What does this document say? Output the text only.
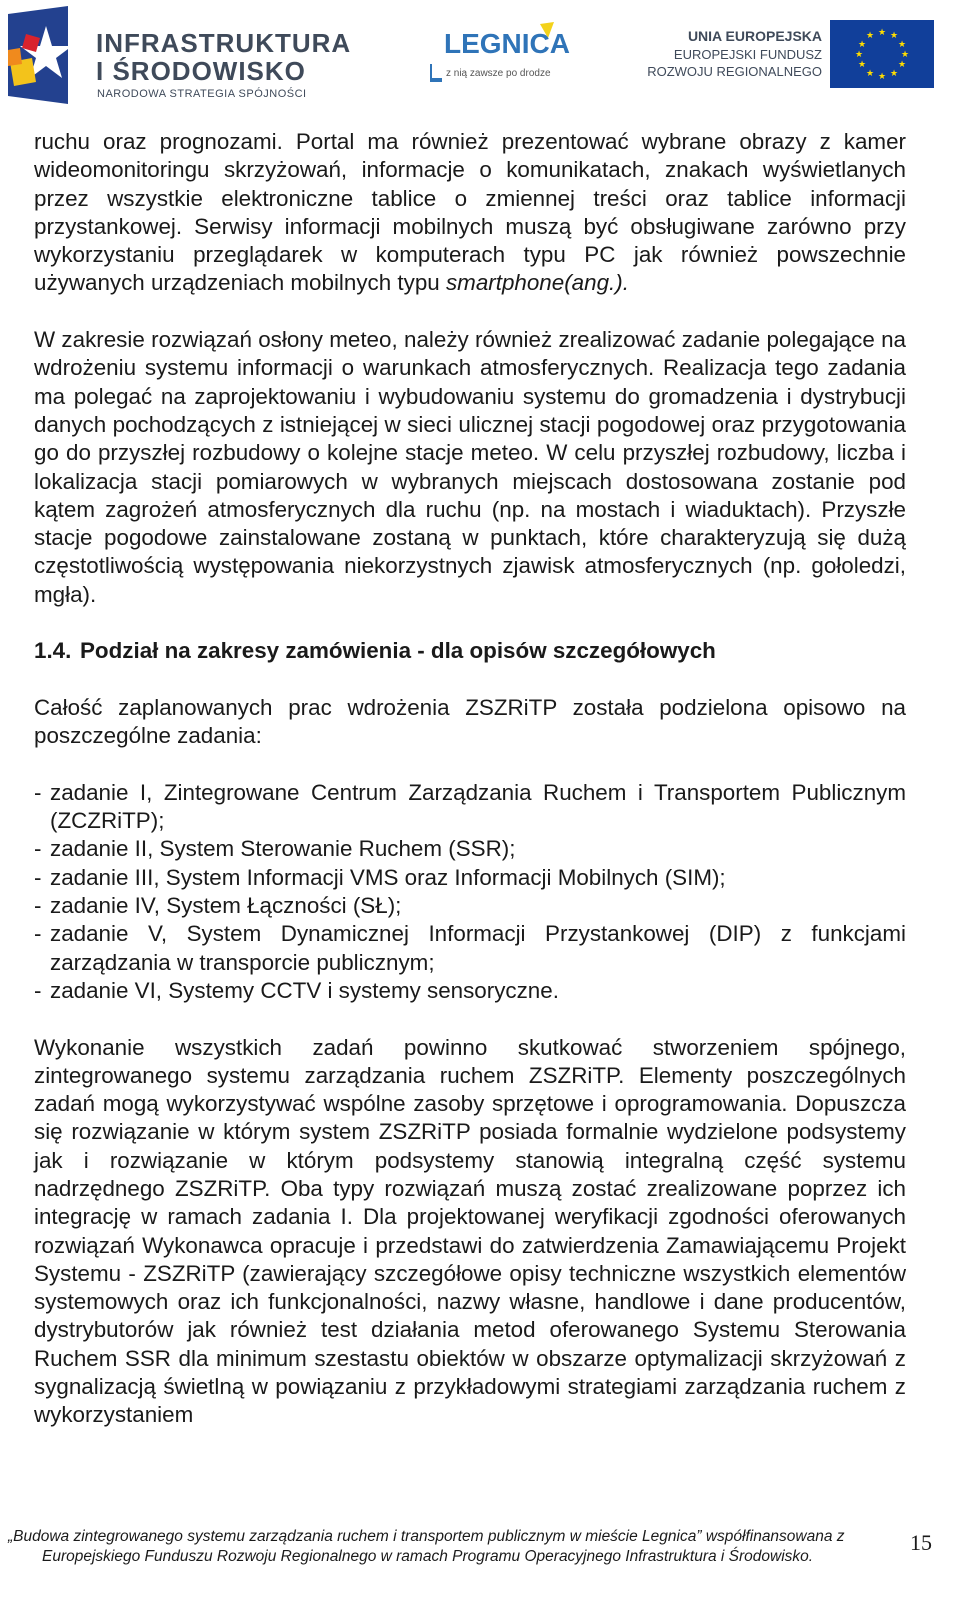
INFRASTRUKTURA
I ŚRODOWISKO
NARODOWA STRATEGIA SPÓJNOŚCI
LEGNICA
z nią zawsze po drodze
UNIA EUROPEJSKA
EUROPEJSKI FUNDUSZ
ROZWOJU REGIONALNEGO
★ ★
★
★
★
★
★
★
★
★
★
★

ruchu oraz prognozami. Portal ma również prezentować wybrane obrazy z kamer wideomonitoringu skrzyżowań, informacje o komunikatach, znakach wyświetlanych przez wszystkie elektroniczne tablice o zmiennej treści oraz tablice informacji przystankowej. Serwisy informacji mobilnych muszą być obsługiwane zarówno przy wykorzystaniu przeglądarek w komputerach typu PC jak również powszechnie używanych urządzeniach mobilnych typu smartphone(ang.).

W zakresie rozwiązań osłony meteo, należy również zrealizować zadanie polegające na wdrożeniu systemu informacji o warunkach atmosferycznych. Realizacja tego zadania ma polegać na zaprojektowaniu i wybudowaniu systemu do gromadzenia i dystrybucji danych pochodzących z istniejącej w sieci ulicznej stacji pogodowej oraz przygotowania go do przyszłej rozbudowy o kolejne stacje meteo. W celu przyszłej rozbudowy, liczba i lokalizacja stacji pomiarowych w wybranych miejscach dostosowana zostanie pod kątem zagrożeń atmosferycznych dla ruchu (np. na mostach i wiaduktach). Przyszłe stacje pogodowe zainstalowane zostaną w punktach, które charakteryzują się dużą częstotliwością występowania niekorzystnych zjawisk atmosferycznych (np. gołoledzi, mgła).

1.4. Podział na zakresy zamówienia - dla opisów szczegółowych

Całość zaplanowanych prac wdrożenia ZSZRiTP została podzielona opisowo na poszczególne zadania:

- zadanie I, Zintegrowane Centrum Zarządzania Ruchem i Transportem Publicznym (ZCZRiTP);
- zadanie II, System Sterowanie Ruchem (SSR);
- zadanie III, System Informacji VMS oraz Informacji Mobilnych (SIM);
- zadanie IV, System Łączności (SŁ);
- zadanie V, System Dynamicznej Informacji Przystankowej (DIP) z funkcjami zarządzania w transporcie publicznym;
- zadanie VI, Systemy CCTV i systemy sensoryczne.

Wykonanie wszystkich zadań powinno skutkować stworzeniem spójnego, zintegrowanego systemu zarządzania ruchem ZSZRiTP. Elementy poszczególnych zadań mogą wykorzystywać wspólne zasoby sprzętowe i oprogramowania. Dopuszcza się rozwiązanie w którym system ZSZRiTP posiada formalnie wydzielone podsystemy jak i rozwiązanie w którym podsystemy stanowią integralną część systemu nadrzędnego ZSZRiTP. Oba typy rozwiązań muszą zostać zrealizowane poprzez ich integrację w ramach zadania I. Dla projektowanej weryfikacji zgodności oferowanych rozwiązań Wykonawca opracuje i przedstawi do zatwierdzenia Zamawiającemu Projekt Systemu - ZSZRiTP (zawierający szczegółowe opisy techniczne wszystkich elementów systemowych oraz ich funkcjonalności, nazwy własne, handlowe i dane producentów, dystrybutorów jak również test działania metod oferowanego Systemu Sterowania Ruchem SSR dla minimum szestastu obiektów w obszarze optymalizacji skrzyżowań z sygnalizacją świetlną w powiązaniu z przykładowymi strategiami zarządzania ruchem z wykorzystaniem

„Budowa zintegrowanego systemu zarządzania ruchem i transportem publicznym w mieście Legnica” współfinansowana z
Europejskiego Funduszu Rozwoju Regionalnego w ramach Programu Operacyjnego Infrastruktura i Środowisko.
15
